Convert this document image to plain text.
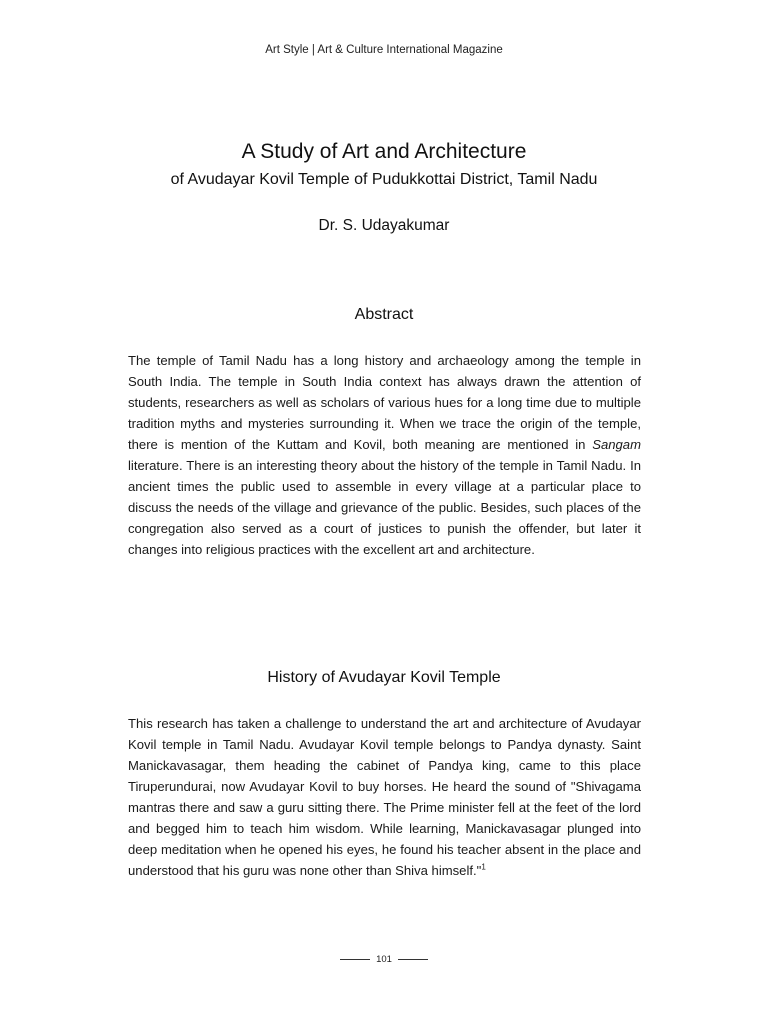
Art Style | Art & Culture International Magazine
A Study of Art and Architecture
of Avudayar Kovil Temple of Pudukkottai District, Tamil Nadu
Dr. S. Udayakumar
Abstract

The temple of Tamil Nadu has a long history and archaeology among the temple in South India. The temple in South India context has always drawn the attention of students, researchers as well as scholars of various hues for a long time due to multiple tradition myths and mysteries surrounding it. When we trace the origin of the temple, there is mention of the Kuttam and Kovil, both meaning are mentioned in Sangam literature. There is an interesting theory about the history of the temple in Tamil Nadu. In ancient times the public used to assemble in every village at a particular place to discuss the needs of the village and grievance of the public. Besides, such places of the congregation also served as a court of justices to punish the offender, but later it changes into religious practices with the excellent art and architecture.

History of Avudayar Kovil Temple

This research has taken a challenge to understand the art and architecture of Avudayar Kovil temple in Tamil Nadu. Avudayar Kovil temple belongs to Pandya dynasty. Saint Manickavasagar, them heading the cabinet of Pandya king, came to this place Tiruperundurai, now Avudayar Kovil to buy horses. He heard the sound of "Shivagama mantras there and saw a guru sitting there. The Prime minister fell at the feet of the lord and begged him to teach him wisdom. While learning, Manickavasagar plunged into deep meditation when he opened his eyes, he found his teacher absent in the place and understood that his guru was none other than Shiva himself."$^1$

101
